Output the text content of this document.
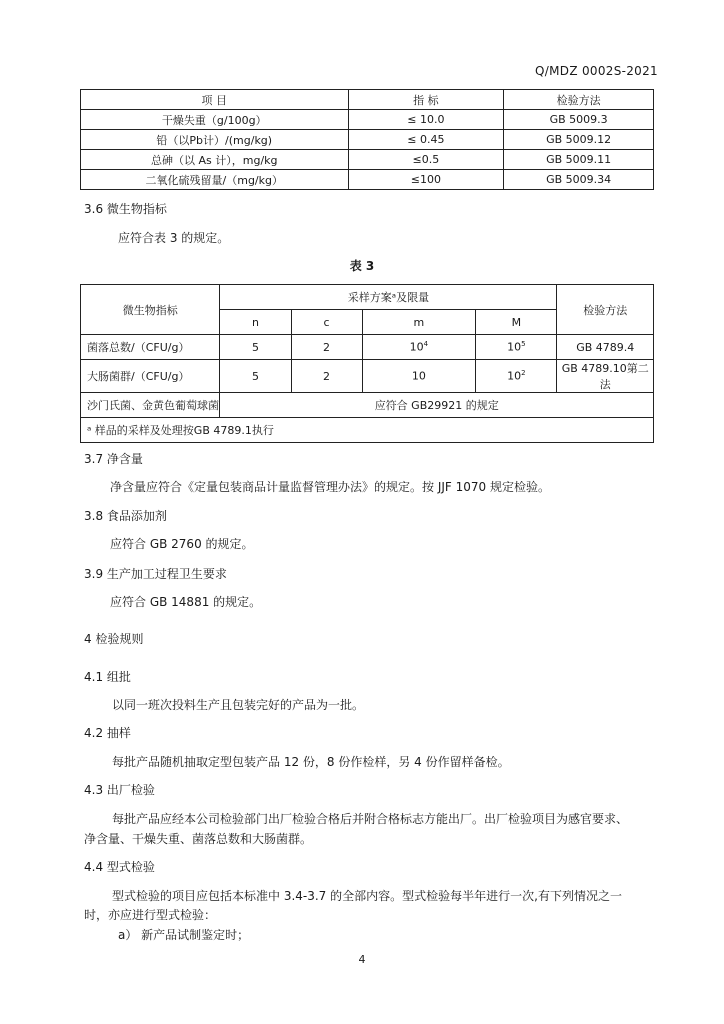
Q/MDZ 0002S-2021
项 目	指 标	检验方法
干燥失重（g/100g）	≤ 10.0	GB 5009.3
铅（以Pb计）/(mg/kg)	≤ 0.45	GB 5009.12
总砷（以 As 计），mg/kg	≤0.5	GB 5009.11
二氧化硫残留量/（mg/kg）	≤100	GB 5009.34
3.6 微生物指标
应符合表 3 的规定。
表 3
微生物指标	采样方案ᵃ及限量				检验方法
	n	c	m	M	
菌落总数/（CFU/g）	5	2	$10^4$	$10^5$	GB 4789.4
大肠菌群/（CFU/g）	5	2	10	$10^2$	GB 4789.10第二法
沙门氏菌、金黄色葡萄球菌	应符合 GB29921 的规定				
ᵃ 样品的采样及处理按GB 4789.1执行					
3.7 净含量
净含量应符合《定量包装商品计量监督管理办法》的规定。按 JJF 1070 规定检验。
3.8 食品添加剂
应符合 GB 2760 的规定。
3.9 生产加工过程卫生要求
应符合 GB 14881 的规定。
4 检验规则
4.1 组批
以同一班次投料生产且包装完好的产品为一批。
4.2 抽样
每批产品随机抽取定型包装产品 12 份，8 份作检样，另 4 份作留样备检。
4.3 出厂检验
每批产品应经本公司检验部门出厂检验合格后并附合格标志方能出厂。出厂检验项目为感官要求、
净含量、干燥失重、菌落总数和大肠菌群。
4.4 型式检验
型式检验的项目应包括本标准中 3.4-3.7 的全部内容。型式检验每半年进行一次,有下列情况之一
时，亦应进行型式检验：
a） 新产品试制鉴定时；
4
